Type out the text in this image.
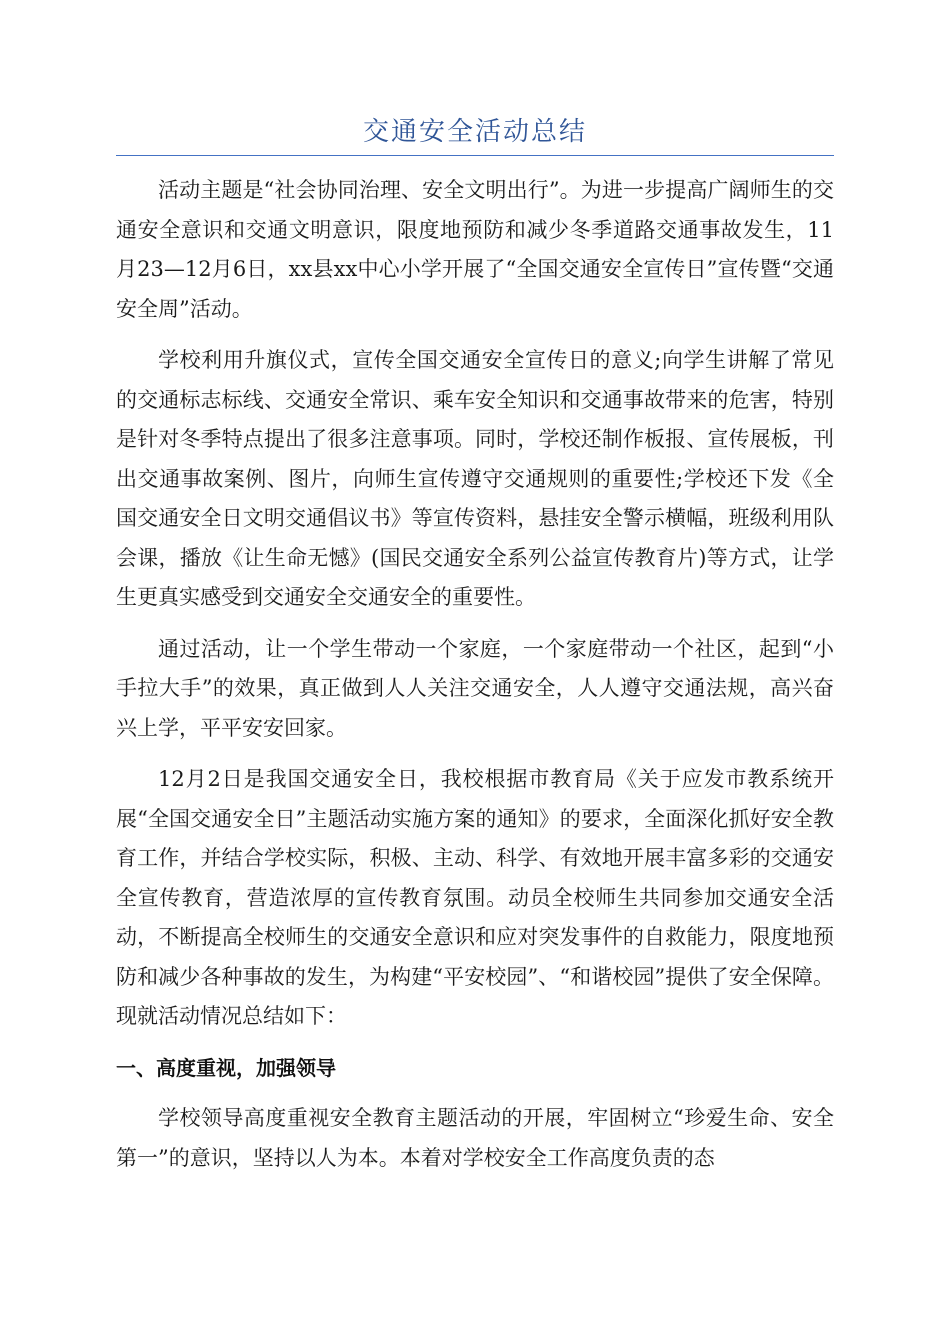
交通安全活动总结

活动主题是“社会协同治理、安全文明出行”。为进一步提高广阔师生的交通安全意识和交通文明意识，限度地预防和减少冬季道路交通事故发生，11月23—12月6日，xx县xx中心小学开展了“全国交通安全宣传日”宣传暨“交通安全周”活动。

学校利用升旗仪式，宣传全国交通安全宣传日的意义;向学生讲解了常见的交通标志标线、交通安全常识、乘车安全知识和交通事故带来的危害，特别是针对冬季特点提出了很多注意事项。同时，学校还制作板报、宣传展板，刊出交通事故案例、图片，向师生宣传遵守交通规则的重要性;学校还下发《全国交通安全日文明交通倡议书》等宣传资料，悬挂安全警示横幅，班级利用队会课，播放《让生命无憾》(国民交通安全系列公益宣传教育片)等方式，让学生更真实感受到交通安全交通安全的重要性。

通过活动，让一个学生带动一个家庭，一个家庭带动一个社区，起到“小手拉大手”的效果，真正做到人人关注交通安全，人人遵守交通法规，高兴奋兴上学，平平安安回家。

12月2日是我国交通安全日，我校根据市教育局《关于应发市教系统开展“全国交通安全日”主题活动实施方案的通知》的要求，全面深化抓好安全教育工作，并结合学校实际，积极、主动、科学、有效地开展丰富多彩的交通安全宣传教育，营造浓厚的宣传教育氛围。动员全校师生共同参加交通安全活动，不断提高全校师生的交通安全意识和应对突发事件的自救能力，限度地预防和减少各种事故的发生，为构建“平安校园”、“和谐校园”提供了安全保障。现就活动情况总结如下：

一、高度重视，加强领导

学校领导高度重视安全教育主题活动的开展，牢固树立“珍爱生命、安全第一”的意识，坚持以人为本。本着对学校安全工作高度负责的态
